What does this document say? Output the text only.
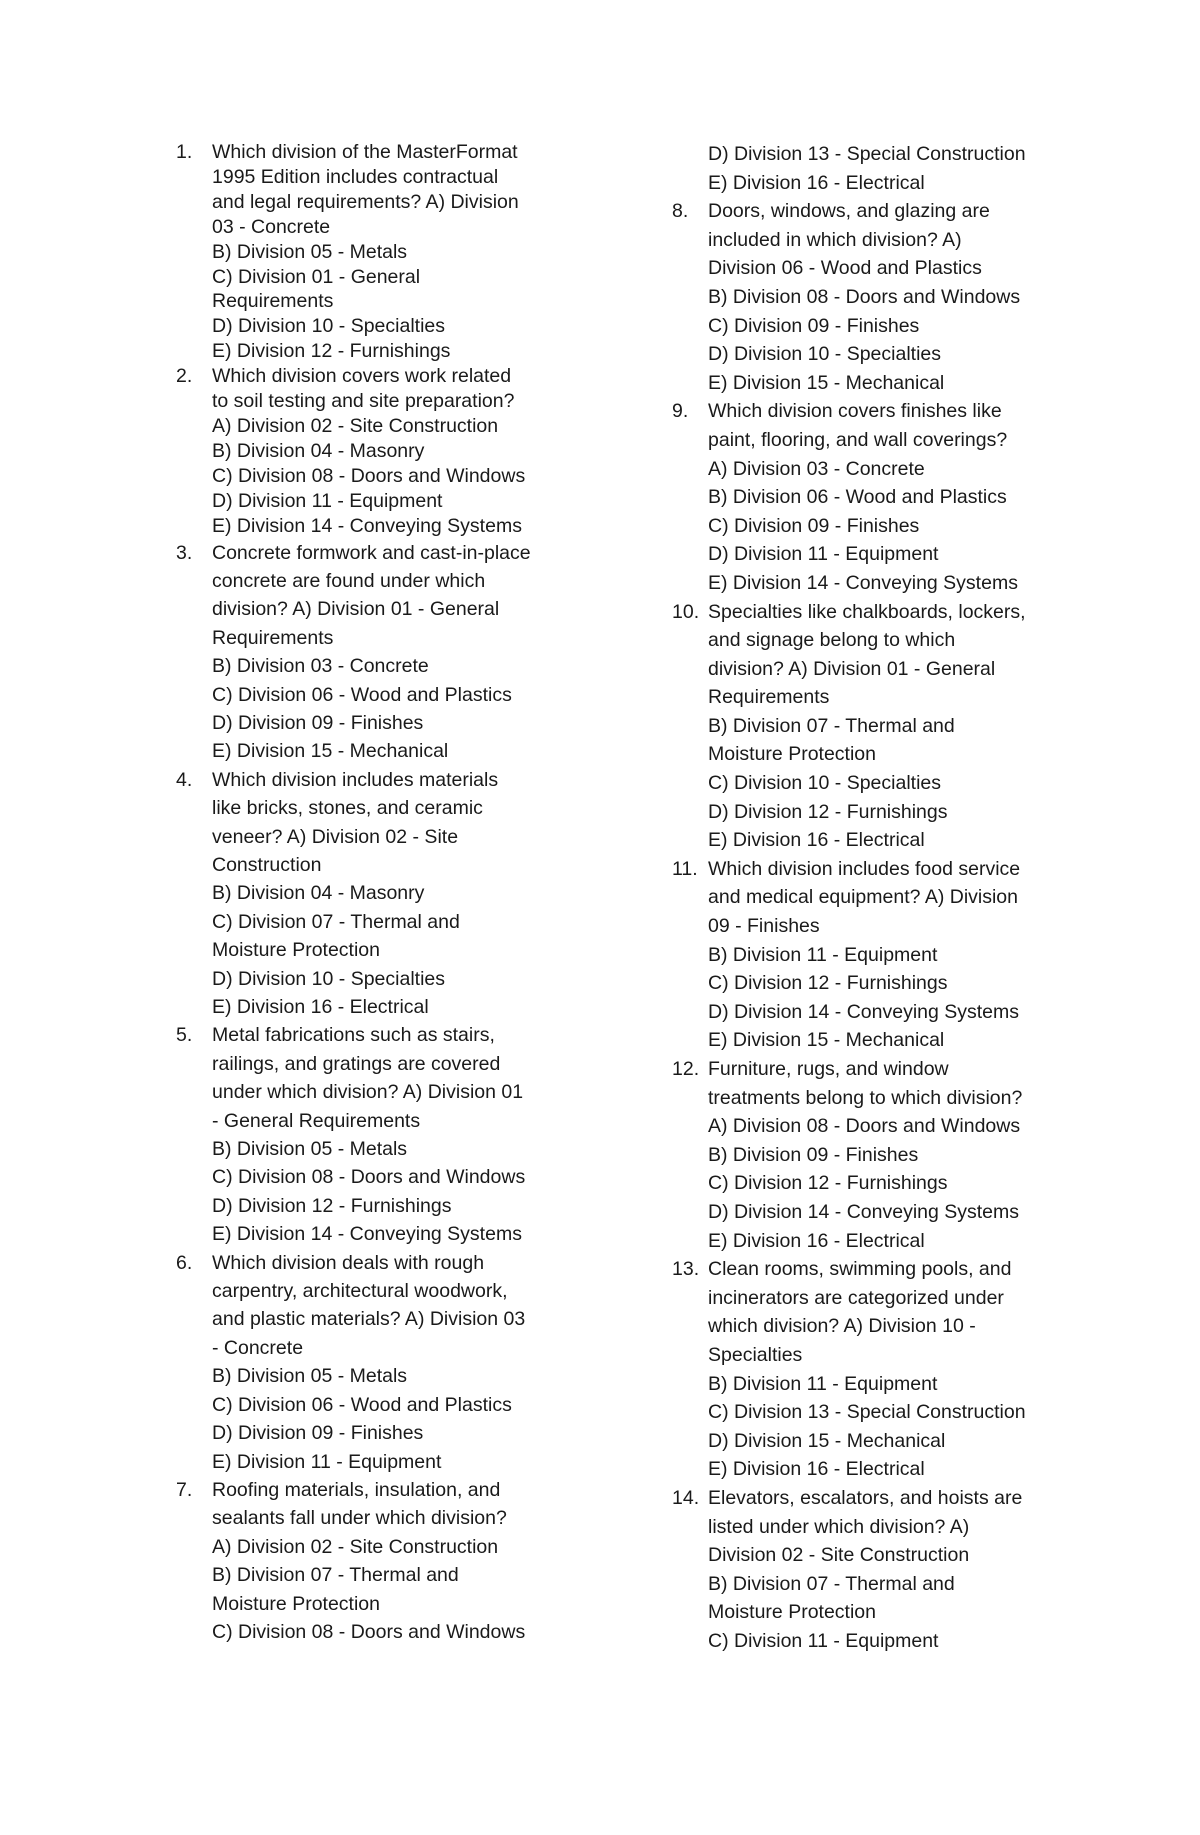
1.	Which division of the MasterFormat
1995 Edition includes contractual
and legal requirements? A) Division
03 - Concrete
B) Division 05 - Metals
C) Division 01 - General
Requirements
D) Division 10 - Specialties
E) Division 12 - Furnishings
2.	Which division covers work related
to soil testing and site preparation?
A) Division 02 - Site Construction
B) Division 04 - Masonry
C) Division 08 - Doors and Windows
D) Division 11 - Equipment
E) Division 14 - Conveying Systems
3.	Concrete formwork and cast-in-place
concrete are found under which
division? A) Division 01 - General
Requirements
B) Division 03 - Concrete
C) Division 06 - Wood and Plastics
D) Division 09 - Finishes
E) Division 15 - Mechanical
4.	Which division includes materials
like bricks, stones, and ceramic
veneer? A) Division 02 - Site
Construction
B) Division 04 - Masonry
C) Division 07 - Thermal and
Moisture Protection
D) Division 10 - Specialties
E) Division 16 - Electrical
5.	Metal fabrications such as stairs,
railings, and gratings are covered
under which division? A) Division 01
- General Requirements
B) Division 05 - Metals
C) Division 08 - Doors and Windows
D) Division 12 - Furnishings
E) Division 14 - Conveying Systems
6.	Which division deals with rough
carpentry, architectural woodwork,
and plastic materials? A) Division 03
- Concrete
B) Division 05 - Metals
C) Division 06 - Wood and Plastics
D) Division 09 - Finishes
E) Division 11 - Equipment
7.	Roofing materials, insulation, and
sealants fall under which division?
A) Division 02 - Site Construction
B) Division 07 - Thermal and
Moisture Protection
C) Division 08 - Doors and Windows
D) Division 13 - Special Construction
E) Division 16 - Electrical
8.	Doors, windows, and glazing are
included in which division? A)
Division 06 - Wood and Plastics
B) Division 08 - Doors and Windows
C) Division 09 - Finishes
D) Division 10 - Specialties
E) Division 15 - Mechanical
9.	Which division covers finishes like
paint, flooring, and wall coverings?
A) Division 03 - Concrete
B) Division 06 - Wood and Plastics
C) Division 09 - Finishes
D) Division 11 - Equipment
E) Division 14 - Conveying Systems
10. Specialties like chalkboards, lockers,
and signage belong to which
division? A) Division 01 - General
Requirements
B) Division 07 - Thermal and
Moisture Protection
C) Division 10 - Specialties
D) Division 12 - Furnishings
E) Division 16 - Electrical
11. Which division includes food service
and medical equipment? A) Division
09 - Finishes
B) Division 11 - Equipment
C) Division 12 - Furnishings
D) Division 14 - Conveying Systems
E) Division 15 - Mechanical
12. Furniture, rugs, and window
treatments belong to which division?
A) Division 08 - Doors and Windows
B) Division 09 - Finishes
C) Division 12 - Furnishings
D) Division 14 - Conveying Systems
E) Division 16 - Electrical
13. Clean rooms, swimming pools, and
incinerators are categorized under
which division? A) Division 10 -
Specialties
B) Division 11 - Equipment
C) Division 13 - Special Construction
D) Division 15 - Mechanical
E) Division 16 - Electrical
14. Elevators, escalators, and hoists are
listed under which division? A)
Division 02 - Site Construction
B) Division 07 - Thermal and
Moisture Protection
C) Division 11 - Equipment
